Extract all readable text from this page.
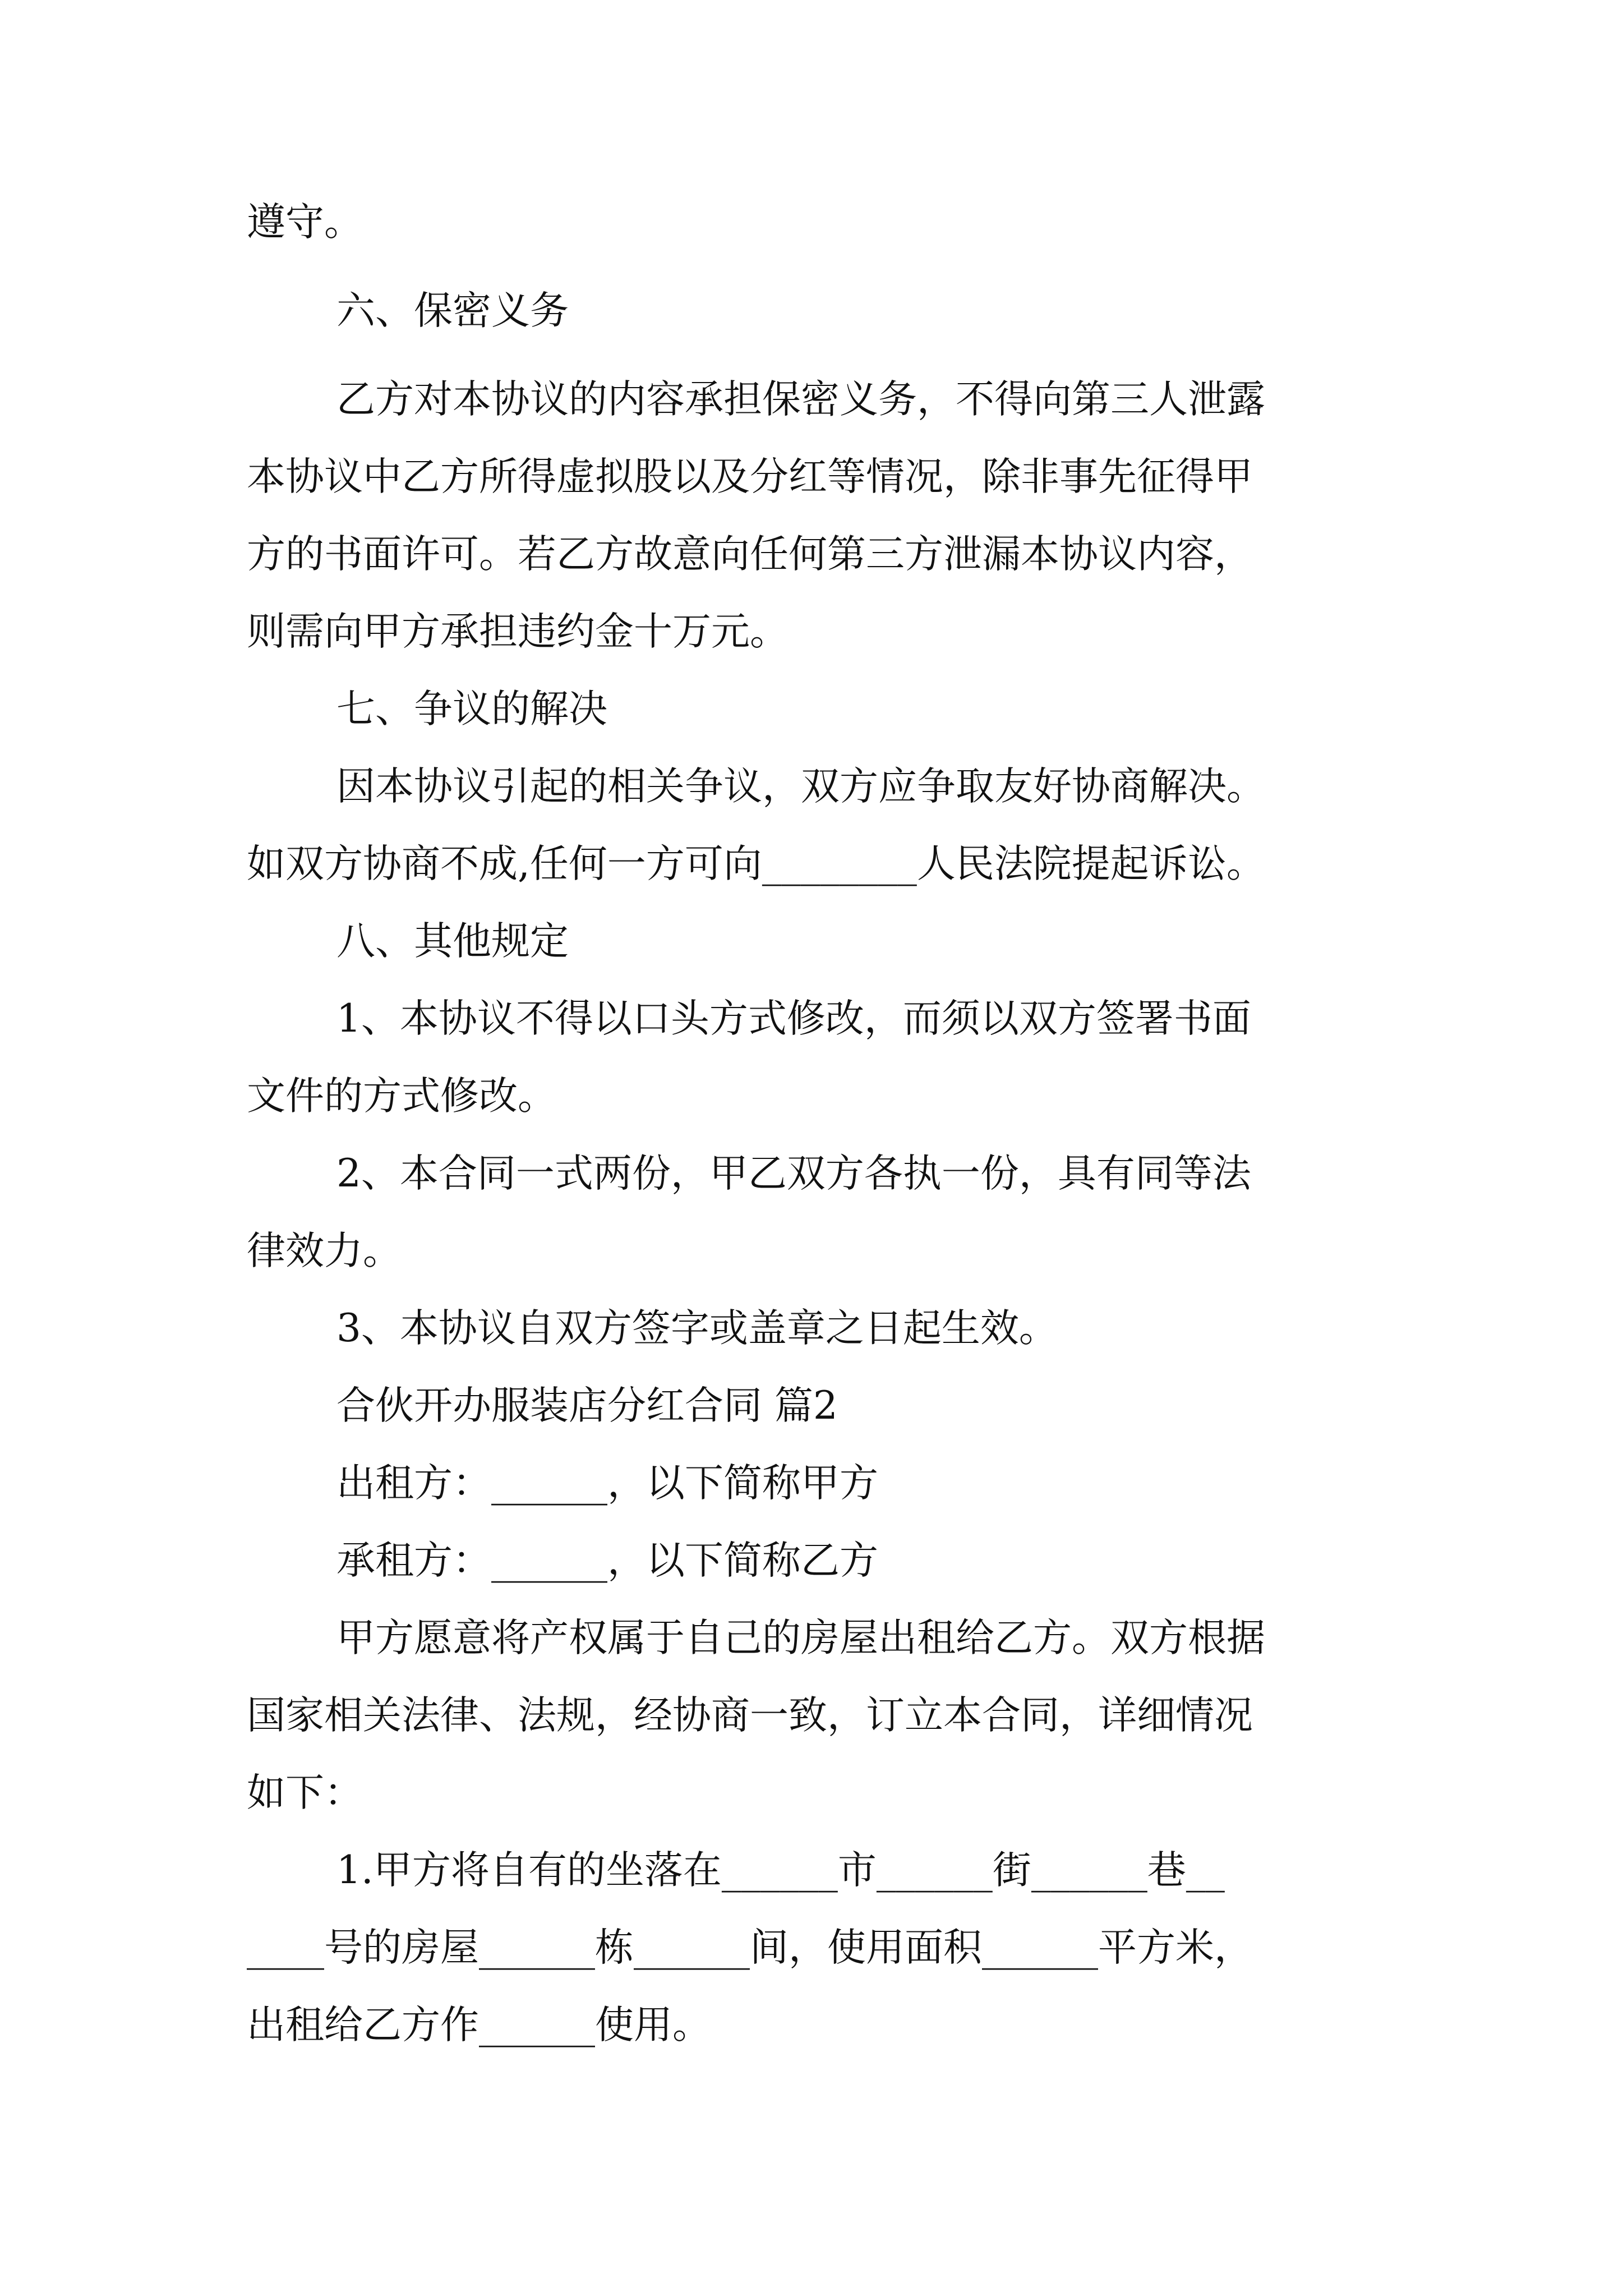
遵守。
六、保密义务
乙方对本协议的内容承担保密义务，不得向第三人泄露
本协议中乙方所得虚拟股以及分红等情况，除非事先征得甲
方的书面许可。若乙方故意向任何第三方泄漏本协议内容，
则需向甲方承担违约金十万元。
七、争议的解决
因本协议引起的相关争议，双方应争取友好协商解决。
如双方协商不成,任何一方可向________人民法院提起诉讼。
八、其他规定
1、本协议不得以口头方式修改，而须以双方签署书面
文件的方式修改。
2、本合同一式两份，甲乙双方各执一份，具有同等法
律效力。
3、本协议自双方签字或盖章之日起生效。
合伙开办服装店分红合同 篇2
出租方：______，以下简称甲方
承租方：______，以下简称乙方
甲方愿意将产权属于自己的房屋出租给乙方。双方根据
国家相关法律、法规，经协商一致，订立本合同，详细情况
如下：
1.甲方将自有的坐落在______市______街______巷__
____号的房屋______栋______间，使用面积______平方米，
出租给乙方作______使用。
